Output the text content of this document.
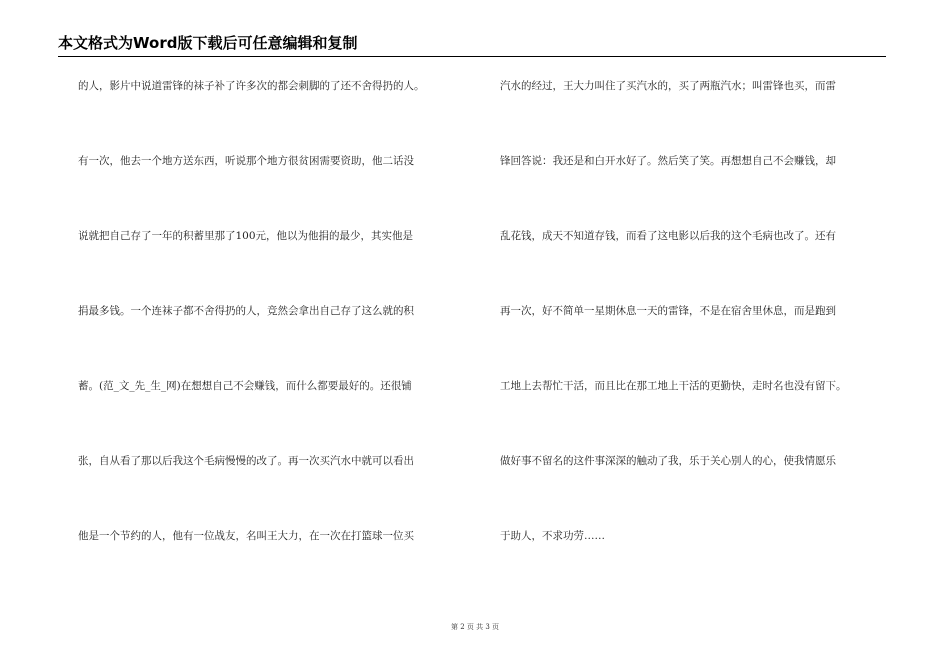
本文格式为Word版下载后可任意编辑和复制
的人，影片中说道雷锋的袜子补了许多次的都会刺脚的了还不舍得扔的人。
有一次，他去一个地方送东西，听说那个地方很贫困需要资助，他二话没
说就把自己存了一年的积蓄里那了100元，他以为他捐的最少，其实他是
捐最多钱。一个连袜子都不舍得扔的人，竞然会拿出自己存了这么就的积
蓄。(范_文_先_生_网)在想想自己不会赚钱，而什么都要最好的。还很铺
张，自从看了那以后我这个毛病慢慢的改了。再一次买汽水中就可以看出
他是一个节约的人，他有一位战友，名叫王大力，在一次在打篮球一位买
汽水的经过，王大力叫住了买汽水的，买了两瓶汽水；叫雷锋也买，而雷
锋回答说：我还是和白开水好了。然后笑了笑。再想想自己不会赚钱，却
乱花钱，成天不知道存钱，而看了这电影以后我的这个毛病也改了。还有
再一次，好不简单一星期休息一天的雷锋，不是在宿舍里休息，而是跑到
工地上去帮忙干活，而且比在那工地上干活的更勤快，走时名也没有留下。
做好事不留名的这件事深深的触动了我，乐于关心别人的心，使我情愿乐
于助人，不求功劳……
第 2 页 共 3 页
